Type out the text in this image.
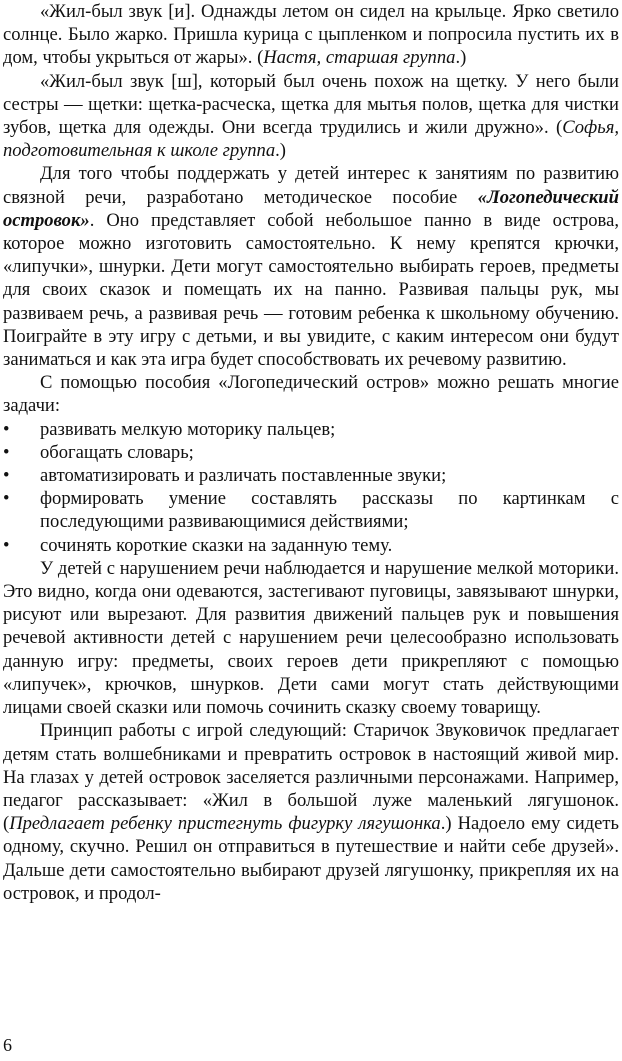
«Жил-был звук [и]. Однажды летом он сидел на крыльце. Ярко светило солнце. Было жарко. Пришла курица с цыпленком и попросила пустить их в дом, чтобы укрыться от жары». (Настя, старшая группа.)

«Жил-был звук [ш], который был очень похож на щетку. У него были сестры — щетки: щетка-расческа, щетка для мытья полов, щетка для чистки зубов, щетка для одежды. Они всегда трудились и жили дружно». (Софья, подготовительная к школе группа.)

Для того чтобы поддержать у детей интерес к занятиям по развитию связной речи, разработано методическое пособие «Логопедический островок». Оно представляет собой небольшое панно в виде острова, которое можно изготовить самостоятельно. К нему крепятся крючки, «липучки», шнурки. Дети могут самостоятельно выбирать героев, предметы для своих сказок и помещать их на панно. Развивая пальцы рук, мы развиваем речь, а развивая речь — готовим ребенка к школьному обучению. Поиграйте в эту игру с детьми, и вы увидите, с каким интересом они будут заниматься и как эта игра будет способствовать их речевому развитию.

С помощью пособия «Логопедический остров» можно решать многие задачи:

• развивать мелкую моторику пальцев;
• обогащать словарь;
• автоматизировать и различать поставленные звуки;
• формировать умение составлять рассказы по картинкам с последующими развивающимися действиями;
• сочинять короткие сказки на заданную тему.

У детей с нарушением речи наблюдается и нарушение мелкой моторики. Это видно, когда они одеваются, застегивают пуговицы, завязывают шнурки, рисуют или вырезают. Для развития движений пальцев рук и повышения речевой активности детей с нарушением речи целесообразно использовать данную игру: предметы, своих героев дети прикрепляют с помощью «липучек», крючков, шнурков. Дети сами могут стать действующими лицами своей сказки или помочь сочинить сказку своему товарищу.

Принцип работы с игрой следующий: Старичок Звуковичок предлагает детям стать волшебниками и превратить островок в настоящий живой мир. На глазах у детей островок заселяется различными персонажами. Например, педагог рассказывает: «Жил в большой луже маленький лягушонок. (Предлагает ребенку пристегнуть фигурку лягушонка.) Надоело ему сидеть одному, скучно. Решил он отправиться в путешествие и найти себе друзей». Дальше дети самостоятельно выбирают друзей лягушонку, прикрепляя их на островок, и продол-

6
